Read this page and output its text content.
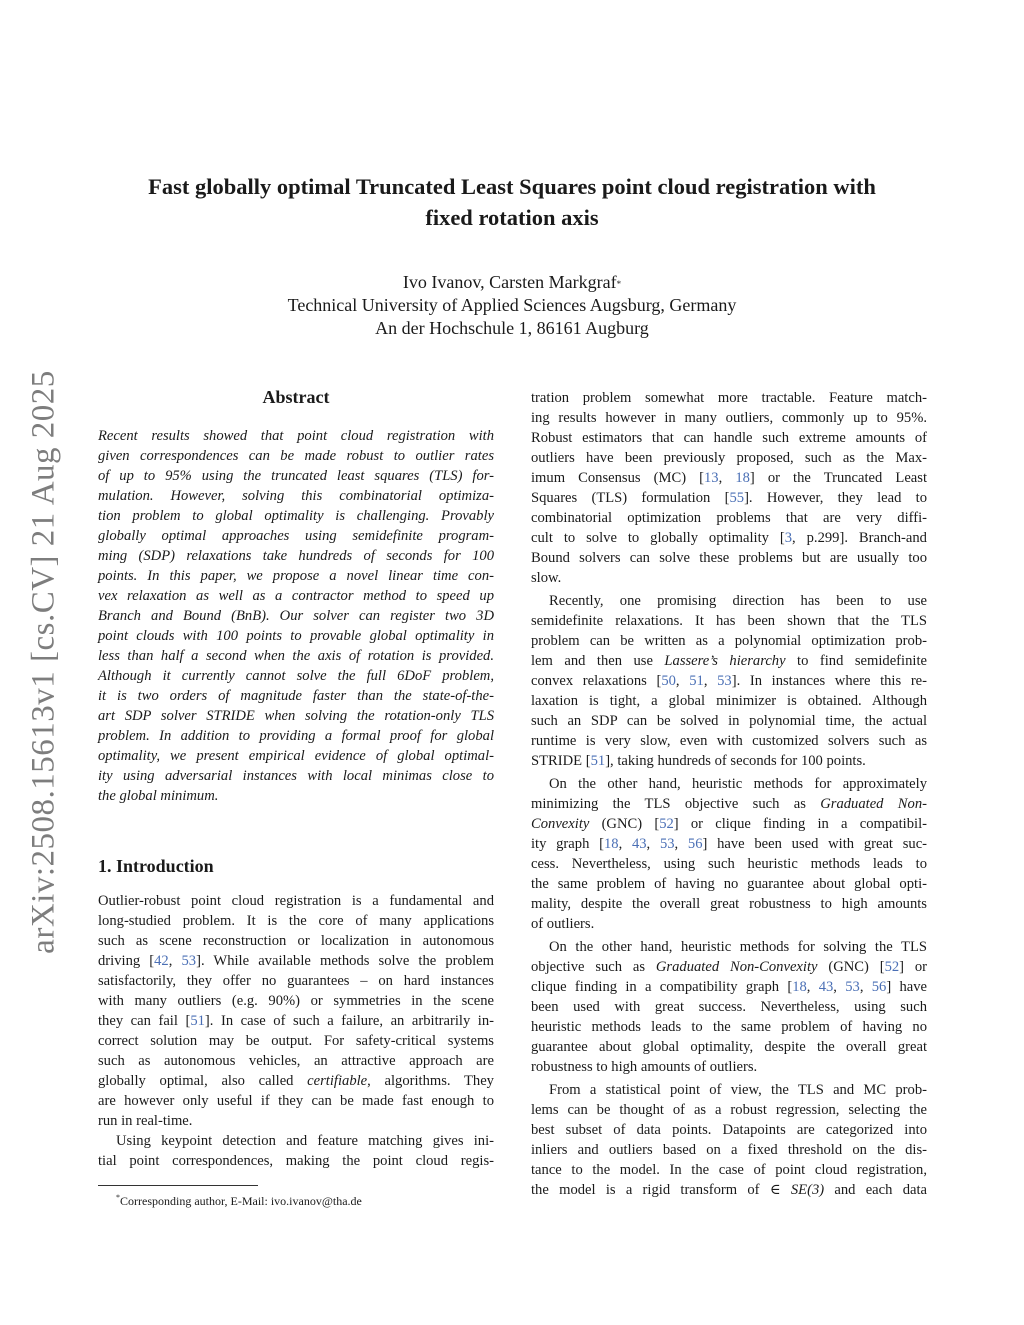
arXiv:2508.15613v1 [cs.CV] 21 Aug 2025
Fast globally optimal Truncated Least Squares point cloud registration with
fixed rotation axis
Ivo Ivanov, Carsten Markgraf*
Technical University of Applied Sciences Augsburg, Germany
An der Hochschule 1, 86161 Augburg
Abstract
Recent results showed that point cloud registration with
given correspondences can be made robust to outlier rates
of up to 95% using the truncated least squares (TLS) for-
mulation. However, solving this combinatorial optimiza-
tion problem to global optimality is challenging. Provably
globally optimal approaches using semidefinite program-
ming (SDP) relaxations take hundreds of seconds for 100
points. In this paper, we propose a novel linear time con-
vex relaxation as well as a contractor method to speed up
Branch and Bound (BnB). Our solver can register two 3D
point clouds with 100 points to provable global optimality in
less than half a second when the axis of rotation is provided.
Although it currently cannot solve the full 6DoF problem,
it is two orders of magnitude faster than the state-of-the-
art SDP solver STRIDE when solving the rotation-only TLS
problem. In addition to providing a formal proof for global
optimality, we present empirical evidence of global optimal-
ity using adversarial instances with local minimas close to
the global minimum.
1. Introduction
Outlier-robust point cloud registration is a fundamental and
long-studied problem. It is the core of many applications
such as scene reconstruction or localization in autonomous
driving [42, 53]. While available methods solve the problem
satisfactorily, they offer no guarantees – on hard instances
with many outliers (e.g. 90%) or symmetries in the scene
they can fail [51]. In case of such a failure, an arbitrarily in-
correct solution may be output. For safety-critical systems
such as autonomous vehicles, an attractive approach are
globally optimal, also called certifiable, algorithms. They
are however only useful if they can be made fast enough to
run in real-time.
Using keypoint detection and feature matching gives ini-
tial point correspondences, making the point cloud regis-
*Corresponding author, E-Mail: ivo.ivanov@tha.de
tration problem somewhat more tractable. Feature match-
ing results however in many outliers, commonly up to 95%.
Robust estimators that can handle such extreme amounts of
outliers have been previously proposed, such as the Max-
imum Consensus (MC) [13, 18] or the Truncated Least
Squares (TLS) formulation [55]. However, they lead to
combinatorial optimization problems that are very diffi-
cult to solve to globally optimality [3, p.299]. Branch-and
Bound solvers can solve these problems but are usually too
slow.
Recently, one promising direction has been to use
semidefinite relaxations. It has been shown that the TLS
problem can be written as a polynomial optimization prob-
lem and then use Lassere’s hierarchy to find semidefinite
convex relaxations [50, 51, 53]. In instances where this re-
laxation is tight, a global minimizer is obtained. Although
such an SDP can be solved in polynomial time, the actual
runtime is very slow, even with customized solvers such as
STRIDE [51], taking hundreds of seconds for 100 points.
On the other hand, heuristic methods for approximately
minimizing the TLS objective such as Graduated Non-
Convexity (GNC) [52] or clique finding in a compatibil-
ity graph [18, 43, 53, 56] have been used with great suc-
cess. Nevertheless, using such heuristic methods leads to
the same problem of having no guarantee about global opti-
mality, despite the overall great robustness to high amounts
of outliers.
On the other hand, heuristic methods for solving the TLS
objective such as Graduated Non-Convexity (GNC) [52] or
clique finding in a compatibility graph [18, 43, 53, 56] have
been used with great success. Nevertheless, using such
heuristic methods leads to the same problem of having no
guarantee about global optimality, despite the overall great
robustness to high amounts of outliers.
From a statistical point of view, the TLS and MC prob-
lems can be thought of as a robust regression, selecting the
best subset of data points. Datapoints are categorized into
inliers and outliers based on a fixed threshold on the dis-
tance to the model. In the case of point cloud registration,
the model is a rigid transform of ∈ SE(3) and each data
